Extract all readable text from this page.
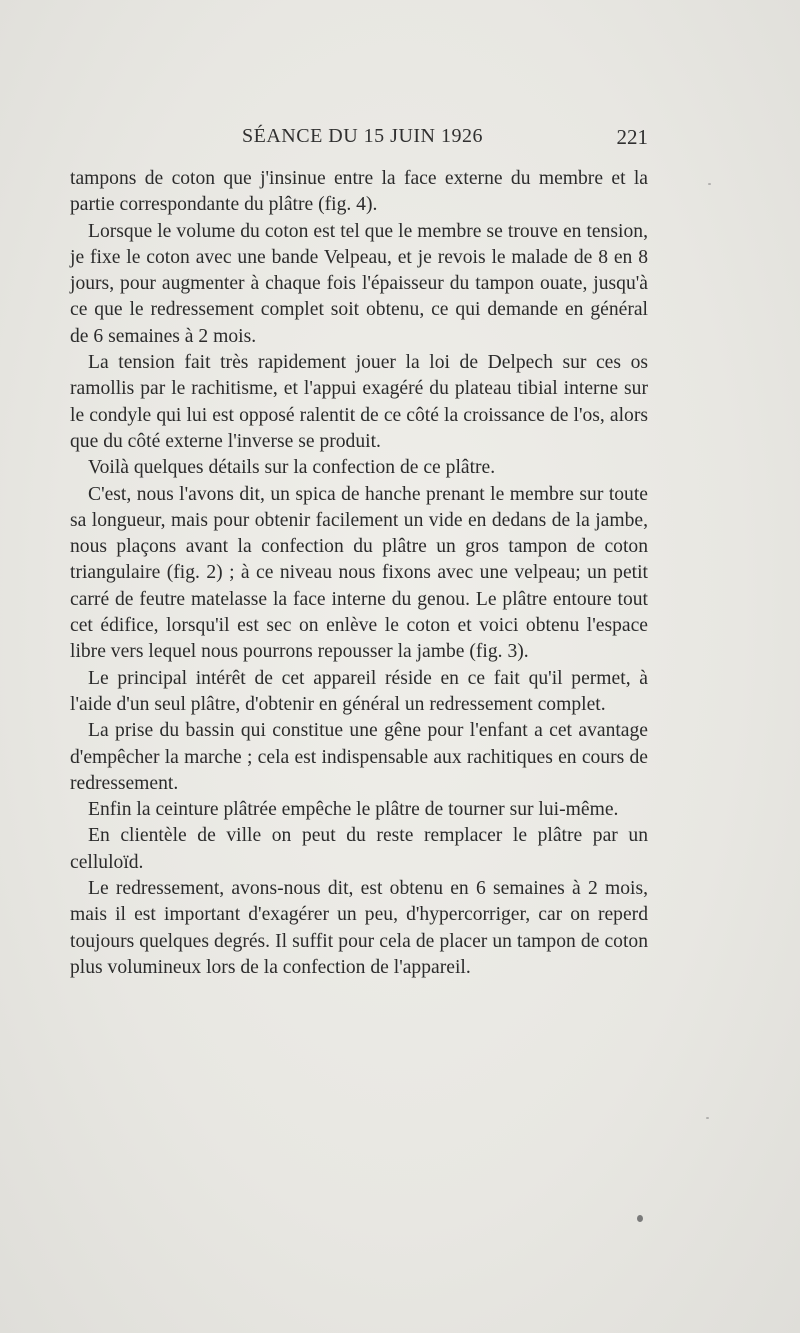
SÉANCE DU 15 JUIN 1926	221

tampons de coton que j'insinue entre la face externe du membre et la partie correspondante du plâtre (fig. 4).

Lorsque le volume du coton est tel que le membre se trouve en tension, je fixe le coton avec une bande Velpeau, et je revois le malade de 8 en 8 jours, pour augmenter à chaque fois l'épaisseur du tampon ouate, jusqu'à ce que le redressement complet soit obtenu, ce qui demande en général de 6 semaines à 2 mois.

La tension fait très rapidement jouer la loi de Delpech sur ces os ramollis par le rachitisme, et l'appui exagéré du plateau tibial interne sur le condyle qui lui est opposé ralentit de ce côté la croissance de l'os, alors que du côté externe l'inverse se produit.

Voilà quelques détails sur la confection de ce plâtre.

C'est, nous l'avons dit, un spica de hanche prenant le membre sur toute sa longueur, mais pour obtenir facilement un vide en dedans de la jambe, nous plaçons avant la confection du plâtre un gros tampon de coton triangulaire (fig. 2) ; à ce niveau nous fixons avec une velpeau; un petit carré de feutre matelasse la face interne du genou. Le plâtre entoure tout cet édifice, lorsqu'il est sec on enlève le coton et voici obtenu l'espace libre vers lequel nous pourrons repousser la jambe (fig. 3).

Le principal intérêt de cet appareil réside en ce fait qu'il permet, à l'aide d'un seul plâtre, d'obtenir en général un redressement complet.

La prise du bassin qui constitue une gêne pour l'enfant a cet avantage d'empêcher la marche ; cela est indispensable aux rachitiques en cours de redressement.

Enfin la ceinture plâtrée empêche le plâtre de tourner sur lui-même.

En clientèle de ville on peut du reste remplacer le plâtre par un celluloïd.

Le redressement, avons-nous dit, est obtenu en 6 semaines à 2 mois, mais il est important d'exagérer un peu, d'hypercorriger, car on reperd toujours quelques degrés. Il suffit pour cela de placer un tampon de coton plus volumineux lors de la confection de l'appareil.
